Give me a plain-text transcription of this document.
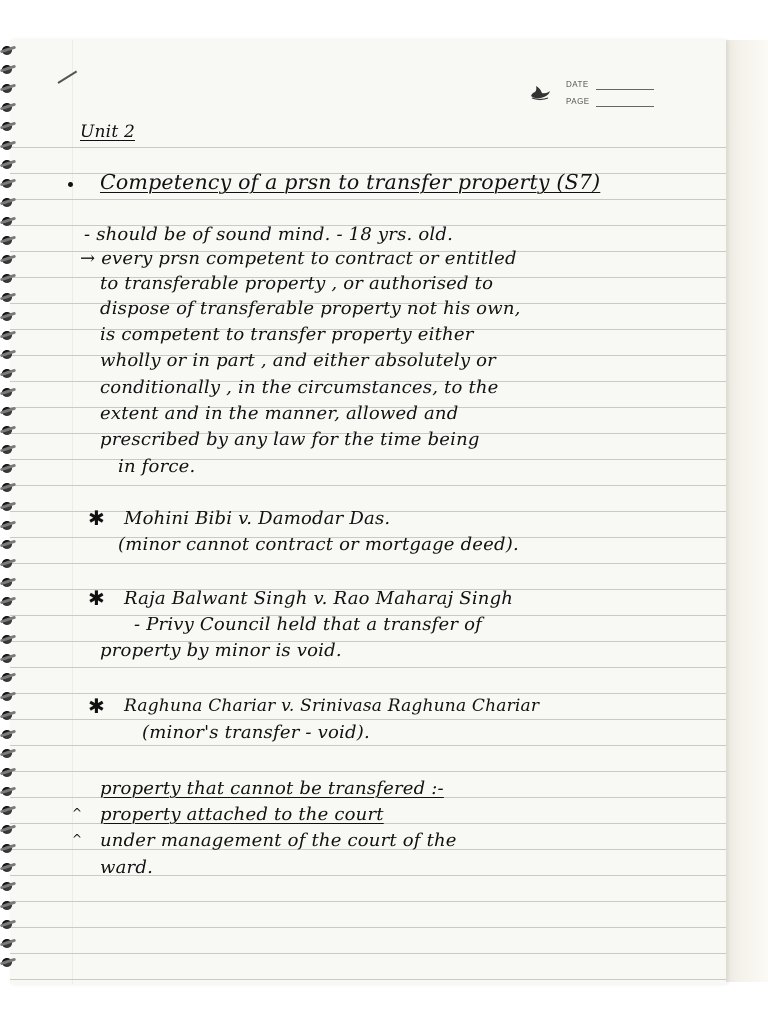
DATE
PAGE
Unit 2
Competency of a prsn to transfer property (S7)
- should be of sound mind. - 18 yrs. old.
→ every prsn competent to contract or entitled
to transferable property , or authorised to
dispose of transferable property not his own,
is competent to transfer property either
wholly or in part , and either absolutely or
conditionally , in the circumstances, to the
extent and in the manner, allowed and
prescribed by any law for the time being
in force.
✱ Mohini Bibi v. Damodar Das.
(minor cannot contract or mortgage deed).
✱ Raja Balwant Singh v. Rao Maharaj Singh
- Privy Council held that a transfer of
property by minor is void.
✱ Raghuna Chariar v. Srinivasa Raghuna Chariar
(minor's transfer - void).
property that cannot be transfered :-
^ property attached to the court
^ under management of the court of the
ward.
